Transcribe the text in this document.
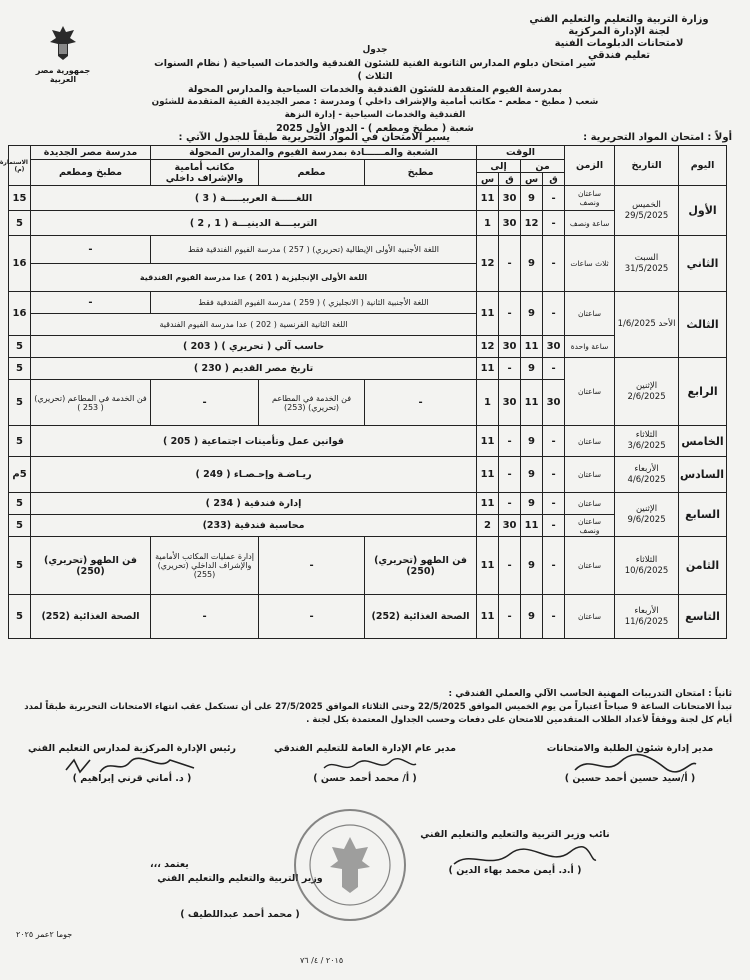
وزارة التربية والتعليم والتعليم الفني
لجنة الإدارة المركزية
لامتحانات الدبلومات الفنية
تعليم فندقي
جمهورية مصر العربية
جدول
سير امتحان دبلوم المدارس الثانوية الفنية للشئون الفندقية والخدمات السياحية ( نظام السنوات الثلاث )
بمدرسة الفيوم المتقدمة للشئون الفندقية والخدمات السياحية والمدارس المحولة
شعب ( مطبخ - مطعم - مكاتب أمامية والإشراف داخلي ) ومدرسة : مصر الجديدة الفنية المتقدمة للشئون الفندقية والخدمات السياحية - إدارة النزهة
شعبة ( مطبخ ومطعم ) - الدور الأول 2025
أولاً : امتحان المواد التحريرية :
يسير الامتحان في المواد التحريرية طبقاً للجدول الآتي :
اليوم	التاريخ	الزمن	الوقت				الشعبة والمــــــادة بمدرسة الفيوم والمدارس المحولة			مدرسة مصر الجديدة	الاستمارة (م)
			من		إلى		مطبخ	مطعم	مكاتب أمامية والإشراف داخلي	مطبخ ومطعم	
			ق	س	ق	س					
الأول	الخميس 29/5/2025	ساعتان ونصف	-	9	30	11	اللغــــــة العربيـــــة ( 3 )				15
		ساعة ونصف	-	12	30	1	التربيــــة الدينيـــة ( 1 , 2 )				5
الثاني	السبت 31/5/2025	ثلاث ساعات	-	9	-	12	اللغة الأجنبية الأولى الإيطالية (تحريري) ( 257 ) مدرسة الفيوم الفندقية فقط			-	16
							اللغة الأولى الإنجليزية ( 201 ) عدا مدرسة الفيوم الفندقية				
الثالث	الأحد 1/6/2025	ساعتان	-	9	-	11	اللغة الأجنبية الثانية ( الانجليزي ) ( 259 ) مدرسة الفيوم الفندقية فقط			-	16
							اللغة الثانية الفرنسية ( 202 ) عدا مدرسة الفيوم الفندقية				
		ساعة واحدة	30	11	30	12	حاسب آلي ( تحريري ) ( 203 )				5
الرابع	الإثنين 2/6/2025	ساعتان	-	9	-	11	تاريخ مصر القديم ( 230 )				5
			30	11	30	1	-	فن الخدمة في المطاعم (تحريري) (253)	-	فن الخدمة في المطاعم (تحريري) ( 253 )	5
الخامس	الثلاثاء 3/6/2025	ساعتان	-	9	-	11	قوانين عمل وتأمينات اجتماعية ( 205 )				5
السادس	الأربعاء 4/6/2025	ساعتان	-	9	-	11	ريـاضـة وإحـصـاء ( 249 )				5م
السابع	الإثنين 9/6/2025	ساعتان	-	9	-	11	إدارة فندقية ( 234 )				5
		ساعتان ونصف	-	11	30	2	محاسبة فندقية (233)				5
الثامن	الثلاثاء 10/6/2025	ساعتان	-	9	-	11	فن الطهو (تحريري) (250)	-	إدارة عمليات المكاتب الأمامية والإشراف الداخلي (تحريري) (255)	فن الطهو (تحريري) (250)	5
التاسع	الأربعاء 11/6/2025	ساعتان	-	9	-	11	الصحة الغذائية (252)	-	-	الصحة الغذائية (252)	5
ثانياً : امتحان التدريبات المهنية الحاسب الآلي والعملي الفندقي :
تبدأ الامتحانات الساعة 9 صباحاً اعتباراً من يوم الخميس الموافق 22/5/2025 وحتى الثلاثاء الموافق 27/5/2025 على أن تستكمل عقب انتهاء الامتحانات التحريرية طبقاً لمدد
أيام كل لجنة ووفقاً لأعداد الطلاب المتقدمين للامتحان على دفعات وحسب الجداول المعتمدة بكل لجنة .
مدير إدارة شئون الطلبة والامتحانات
( أ/سيد حسين أحمد حسين )
مدير عام الإدارة العامة للتعليم الفندقي
( أ/ محمد أحمد حسن )
رئيس الإدارة المركزية لمدارس التعليم الفني
( د. أماني قرني إبراهيم )
نائب وزير التربية والتعليم والتعليم الفني
( أ.د. أيمن محمد بهاء الدين )
يعتمد ،،،
وزير التربية والتعليم والتعليم الفني
( محمد أحمد عبداللطيف )
جوما ٢عمر ٢٠٢٥
٢٠١٥ / ٤/ ٧٦
